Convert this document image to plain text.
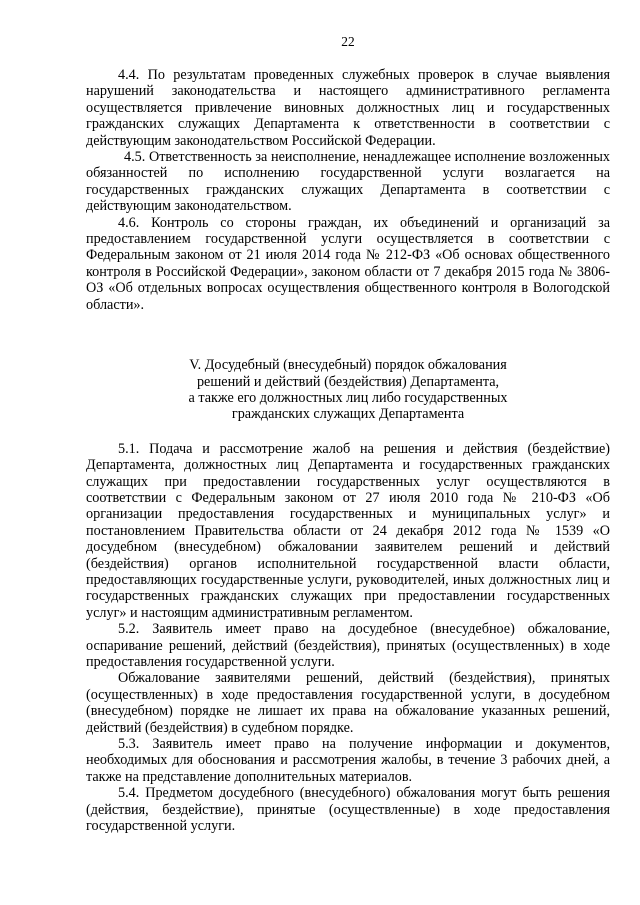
22

4.4. По результатам проведенных служебных проверок в случае выявления нарушений законодательства и настоящего административного регламента осуществляется привлечение виновных должностных лиц и государственных гражданских служащих Департамента к ответственности в соответствии с действующим законодательством Российской Федерации.

4.5. Ответственность за неисполнение, ненадлежащее исполнение возложенных обязанностей по исполнению государственной услуги возлагается на государственных гражданских служащих Департамента в соответствии с действующим законодательством.

4.6. Контроль со стороны граждан, их объединений и организаций за предоставлением государственной услуги осуществляется в соответствии с Федеральным законом от 21 июля 2014 года № 212-ФЗ «Об основах общественного контроля в Российской Федерации», законом области от 7 декабря 2015 года № 3806-ОЗ «Об отдельных вопросах осуществления общественного контроля в Вологодской области».

V. Досудебный (внесудебный) порядок обжалования
решений и действий (бездействия) Департамента,
а также его должностных лиц либо государственных
гражданских служащих Департамента

5.1. Подача и рассмотрение жалоб на решения и действия (бездействие) Департамента, должностных лиц Департамента и государственных гражданских служащих при предоставлении государственных услуг осуществляются в соответствии с Федеральным законом от 27 июля 2010 года № 210-ФЗ «Об организации предоставления государственных и муниципальных услуг» и постановлением Правительства области от 24 декабря 2012 года № 1539 «О досудебном (внесудебном) обжаловании заявителем решений и действий (бездействия) органов исполнительной государственной власти области, предоставляющих государственные услуги, руководителей, иных должностных лиц и государственных гражданских служащих при предоставлении государственных услуг» и настоящим административным регламентом.

5.2. Заявитель имеет право на досудебное (внесудебное) обжалование, оспаривание решений, действий (бездействия), принятых (осуществленных) в ходе предоставления государственной услуги.

Обжалование заявителями решений, действий (бездействия), принятых (осуществленных) в ходе предоставления государственной услуги, в досудебном (внесудебном) порядке не лишает их права на обжалование указанных решений, действий (бездействия) в судебном порядке.

5.3. Заявитель имеет право на получение информации и документов, необходимых для обоснования и рассмотрения жалобы, в течение 3 рабочих дней, а также на представление дополнительных материалов.

5.4. Предметом досудебного (внесудебного) обжалования могут быть решения (действия, бездействие), принятые (осуществленные) в ходе предоставления государственной услуги.
